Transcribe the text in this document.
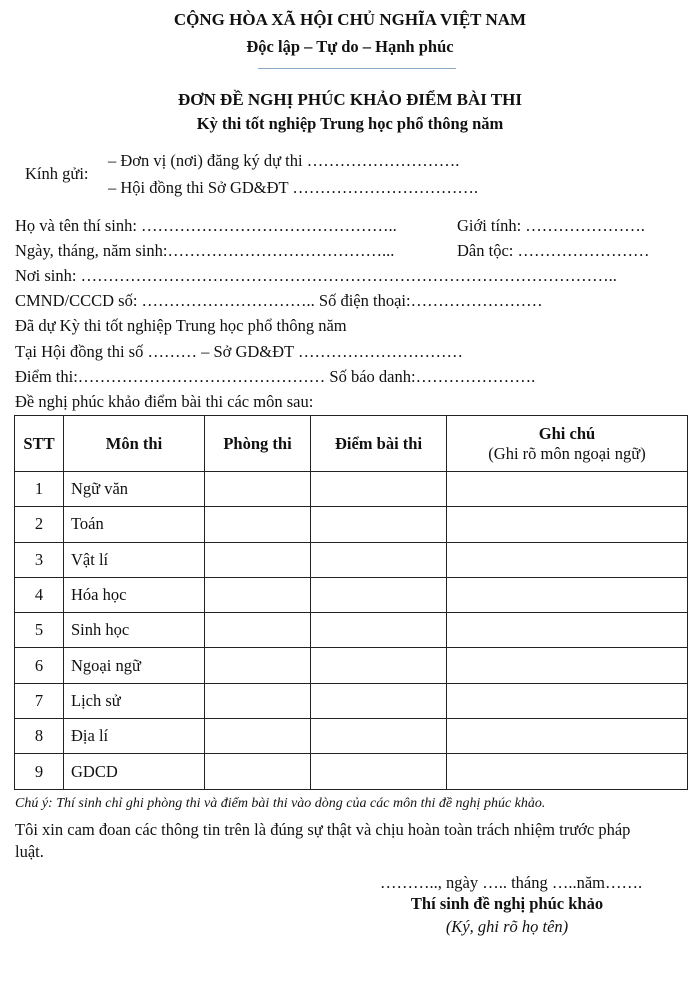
CỘNG HÒA XÃ HỘI CHỦ NGHĨA VIỆT NAM
Độc lập – Tự do – Hạnh phúc
ĐƠN ĐỀ NGHỊ PHÚC KHẢO ĐIỂM BÀI THI
Kỳ thi tốt nghiệp Trung học phổ thông năm
Kính gửi:
– Đơn vị (nơi) đăng ký dự thi ……………………….
– Hội đồng thi Sở GD&ĐT …………………………….
Họ và tên thí sinh: ………………………………………..	Giới tính: ………………….
Ngày, tháng, năm sinh:…………………………………...	Dân tộc: ……………………
Nơi sinh: ……………………………………………………………………………………..
CMND/CCCD số: ………………………….. Số điện thoại:……………………
Đã dự Kỳ thi tốt nghiệp Trung học phổ thông năm
Tại Hội đồng thi số ……… – Sở GD&ĐT …………………………
Điểm thi:……………………………………… Số báo danh:………………….
Đề nghị phúc khảo điểm bài thi các môn sau:
STT	Môn thi	Phòng thi	Điểm bài thi	Ghi chú
(Ghi rõ môn ngoại ngữ)

1	Ngữ văn			
2	Toán			
3	Vật lí			
4	Hóa học			
5	Sinh học			
6	Ngoại ngữ			
7	Lịch sử			
8	Địa lí			
9	GDCD			
Chú ý: Thí sinh chỉ ghi phòng thi và điểm bài thi vào dòng của các môn thi đề nghị phúc khảo.
Tôi xin cam đoan các thông tin trên là đúng sự thật và chịu hoàn toàn trách nhiệm trước pháp
luật.
……….., ngày ….. tháng …..năm…….
Thí sinh đề nghị phúc khảo
(Ký, ghi rõ họ tên)
